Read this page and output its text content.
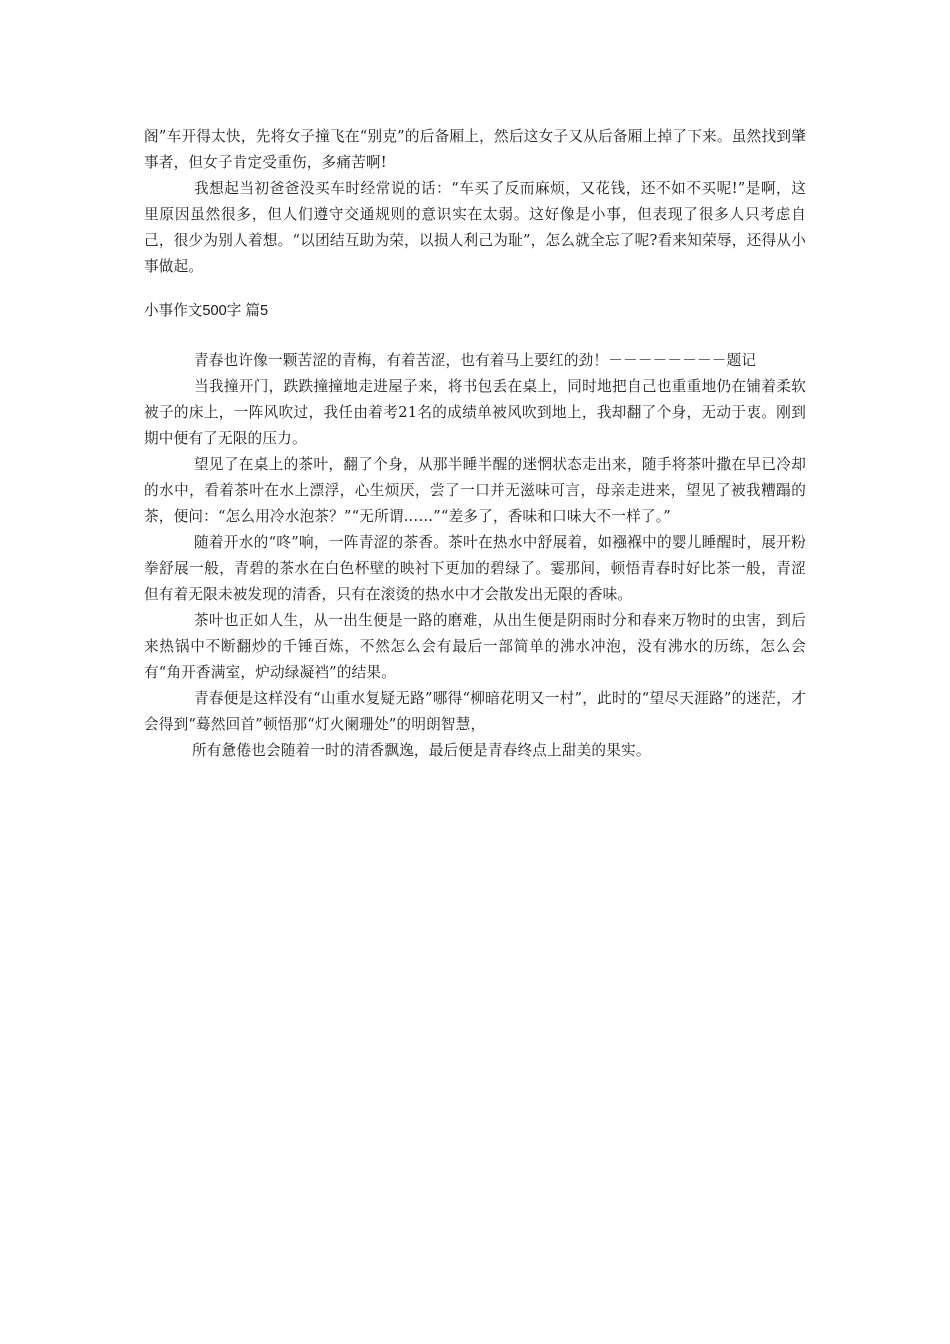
阁”车开得太快，先将女子撞飞在“别克”的后备厢上，然后这女子又从后备厢上掉了下来。虽然找到肇事者，但女子肯定受重伤，多痛苦啊!

我想起当初爸爸没买车时经常说的话：“车买了反而麻烦，又花钱，还不如不买呢!”是啊，这里原因虽然很多，但人们遵守交通规则的意识实在太弱。这好像是小事，但表现了很多人只考虑自己，很少为别人着想。“以团结互助为荣，以损人利己为耻”，怎么就全忘了呢?看来知荣辱，还得从小事做起。

小事作文500字 篇5

青春也许像一颗苦涩的青梅，有着苦涩，也有着马上要红的劲！－－－－－－－－题记

当我撞开门，跌跌撞撞地走进屋子来，将书包丢在桌上，同时地把自己也重重地仍在铺着柔软被子的床上，一阵风吹过，我任由着考21名的成绩单被风吹到地上，我却翻了个身，无动于衷。刚到期中便有了无限的压力。

望见了在桌上的茶叶，翻了个身，从那半睡半醒的迷惘状态走出来，随手将茶叶撒在早已冷却的水中，看着茶叶在水上漂浮，心生烦厌，尝了一口并无滋味可言，母亲走进来，望见了被我糟蹋的茶，便问：“怎么用冷水泡茶？”“无所谓……”“差多了，香味和口味大不一样了。”

随着开水的“咚”响，一阵青涩的茶香。茶叶在热水中舒展着，如襁褓中的婴儿睡醒时，展开粉拳舒展一般，青碧的茶水在白色杯壁的映衬下更加的碧绿了。霎那间，顿悟青春时好比茶一般，青涩但有着无限未被发现的清香，只有在滚烫的热水中才会散发出无限的香味。

茶叶也正如人生，从一出生便是一路的磨难，从出生便是阴雨时分和春来万物时的虫害，到后来热锅中不断翻炒的千锤百炼，不然怎么会有最后一部简单的沸水冲泡，没有沸水的历练，怎么会有“角开香满室，炉动绿凝裆”的结果。

青春便是这样没有“山重水复疑无路”哪得“柳暗花明又一村”，此时的“望尽天涯路”的迷茫，才会得到“蓦然回首”顿悟那“灯火阑珊处”的明朗智慧，

所有惫倦也会随着一时的清香飘逸，最后便是青春终点上甜美的果实。
